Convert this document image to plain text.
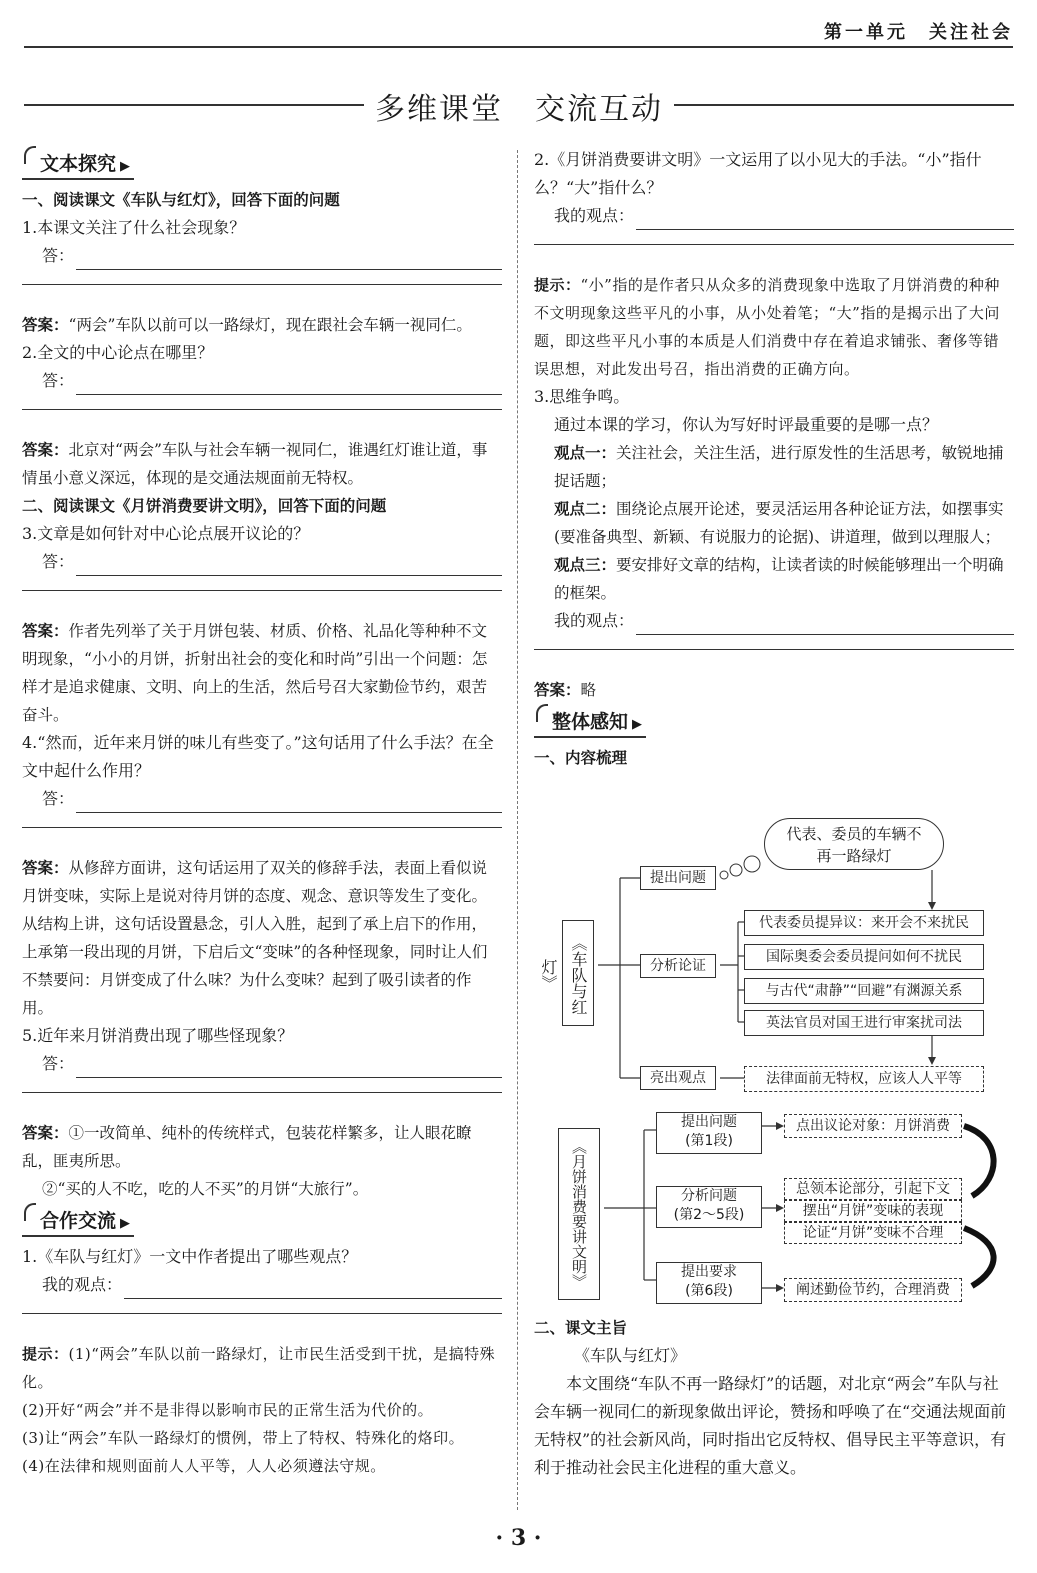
第一单元　关注社会
多维课堂　交流互动
文本探究 ▶
一、阅读课文《车队与红灯》，回答下面的问题
1.本课文关注了什么社会现象？
答：
答案：“两会”车队以前可以一路绿灯，现在跟社会车辆一视同仁。
2.全文的中心论点在哪里？
答：
答案：北京对“两会”车队与社会车辆一视同仁，谁遇红灯谁让道，事情虽小意义深远，体现的是交通法规面前无特权。
二、阅读课文《月饼消费要讲文明》，回答下面的问题
3.文章是如何针对中心论点展开议论的？
答：
答案：作者先列举了关于月饼包装、材质、价格、礼品化等种种不文明现象，“小小的月饼，折射出社会的变化和时尚”引出一个问题：怎样才是追求健康、文明、向上的生活，然后号召大家勤俭节约，艰苦奋斗。
4.“然而，近年来月饼的味儿有些变了。”这句话用了什么手法？在全文中起什么作用？
答：
答案：从修辞方面讲，这句话运用了双关的修辞手法，表面上看似说月饼变味，实际上是说对待月饼的态度、观念、意识等发生了变化。从结构上讲，这句话设置悬念，引人入胜，起到了承上启下的作用，上承第一段出现的月饼，下启后文“变味”的各种怪现象，同时让人们不禁要问：月饼变成了什么味？为什么变味？起到了吸引读者的作用。
5.近年来月饼消费出现了哪些怪现象？
答：
答案：①一改简单、纯朴的传统样式，包装花样繁多，让人眼花瞭乱，匪夷所思。
②“买的人不吃，吃的人不买”的月饼“大旅行”。
合作交流 ▶
1.《车队与红灯》一文中作者提出了哪些观点？
我的观点：
提示：(1)“两会”车队以前一路绿灯，让市民生活受到干扰，是搞特殊化。
(2)开好“两会”并不是非得以影响市民的正常生活为代价的。
(3)让“两会”车队一路绿灯的惯例，带上了特权、特殊化的烙印。
(4)在法律和规则面前人人平等，人人必须遵法守规。
2.《月饼消费要讲文明》一文运用了以小见大的手法。“小”指什么？“大”指什么？
我的观点：
提示：“小”指的是作者只从众多的消费现象中选取了月饼消费的种种不文明现象这些平凡的小事，从小处着笔；“大”指的是揭示出了大问题，即这些平凡小事的本质是人们消费中存在着追求铺张、奢侈等错误思想，对此发出号召，指出消费的正确方向。
3.思维争鸣。
通过本课的学习，你认为写好时评最重要的是哪一点？
观点一：关注社会，关注生活，进行原发性的生活思考，敏锐地捕捉话题；
观点二：围绕论点展开论述，要灵活运用各种论证方法，如摆事实(要准备典型、新颖、有说服力的论据)、讲道理，做到以理服人；
观点三：要安排好文章的结构，让读者读的时候能够理出一个明确的框架。
我的观点：
答案：略
整体感知 ▶
一、内容梳理
《车队与红灯》
提出问题
分析论证
亮出观点
代表、委员的车辆不再一路绿灯
代表委员提异议：来开会不来扰民
国际奥委会委员提问如何不扰民
与古代“肃静”“回避”有渊源关系
英法官员对国王进行审案扰司法
法律面前无特权，应该人人平等
《月饼消费要讲文明》
提出问题
(第1段)
分析问题
(第2～5段)
提出要求
(第6段)
点出议论对象：月饼消费
总领本论部分，引起下文
摆出“月饼”变味的表现
论证“月饼”变味不合理
阐述勤俭节约，合理消费
二、课文主旨
《车队与红灯》
本文围绕“车队不再一路绿灯”的话题，对北京“两会”车队与社会车辆一视同仁的新现象做出评论，赞扬和呼唤了在“交通法规面前无特权”的社会新风尚，同时指出它反特权、倡导民主平等意识，有利于推动社会民主化进程的重大意义。
· 3 ·
